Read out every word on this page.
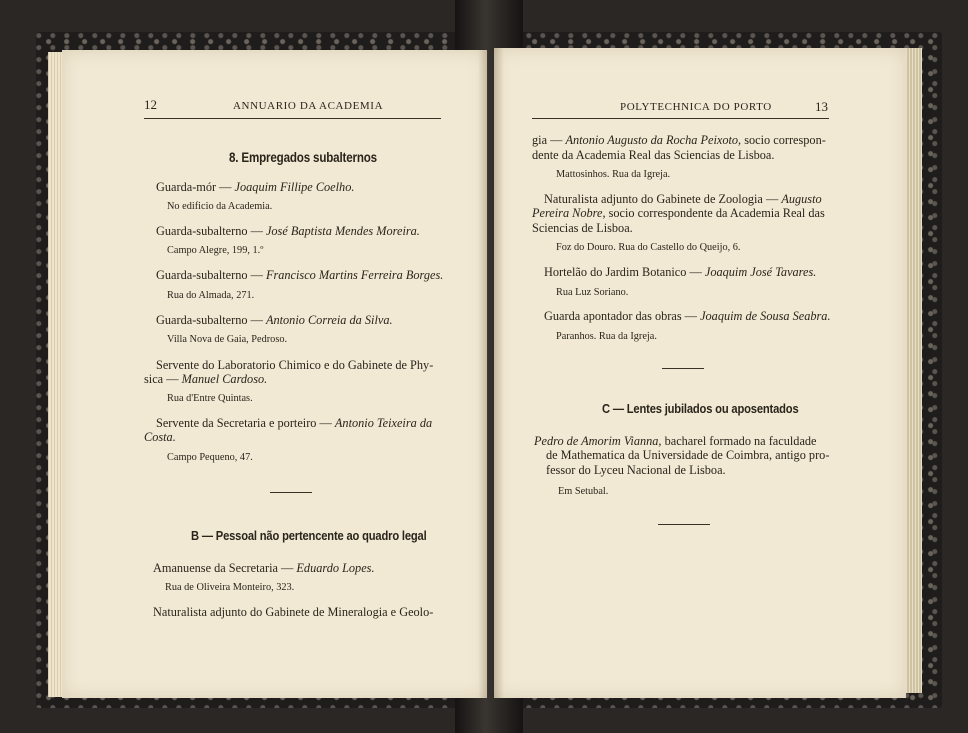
12	ANNUARIO DA ACADEMIA
8. Empregados subalternos
Guarda-mór — Joaquim Fillipe Coelho.
No edificio da Academia.
Guarda-subalterno — José Baptista Mendes Moreira.
Campo Alegre, 199, 1.º
Guarda-subalterno — Francisco Martins Ferreira Borges.
Rua do Almada, 271.
Guarda-subalterno — Antonio Correia da Silva.
Villa Nova de Gaia, Pedroso.
Servente do Laboratorio Chimico e do Gabinete de Phy-
sica — Manuel Cardoso.
Rua d'Entre Quintas.
Servente da Secretaria e porteiro — Antonio Teixeira da
Costa.
Campo Pequeno, 47.
B — Pessoal não pertencente ao quadro legal
Amanuense da Secretaria — Eduardo Lopes.
Rua de Oliveira Monteiro, 323.
Naturalista adjunto do Gabinete de Mineralogia e Geolo-
POLYTECHNICA DO PORTO	13
gia — Antonio Augusto da Rocha Peixoto, socio correspon-
dente da Academia Real das Sciencias de Lisboa.
Mattosinhos. Rua da Igreja.
Naturalista adjunto do Gabinete de Zoologia — Augusto
Pereira Nobre, socio correspondente da Academia Real das
Sciencias de Lisboa.
Foz do Douro. Rua do Castello do Queijo, 6.
Hortelão do Jardim Botanico — Joaquim José Tavares.
Rua Luz Soriano.
Guarda apontador das obras — Joaquim de Sousa Seabra.
Paranhos. Rua da Igreja.
C — Lentes jubilados ou aposentados
Pedro de Amorim Vianna, bacharel formado na faculdade
de Mathematica da Universidade de Coimbra, antigo pro-
fessor do Lyceu Nacional de Lisboa.
Em Setubal.
